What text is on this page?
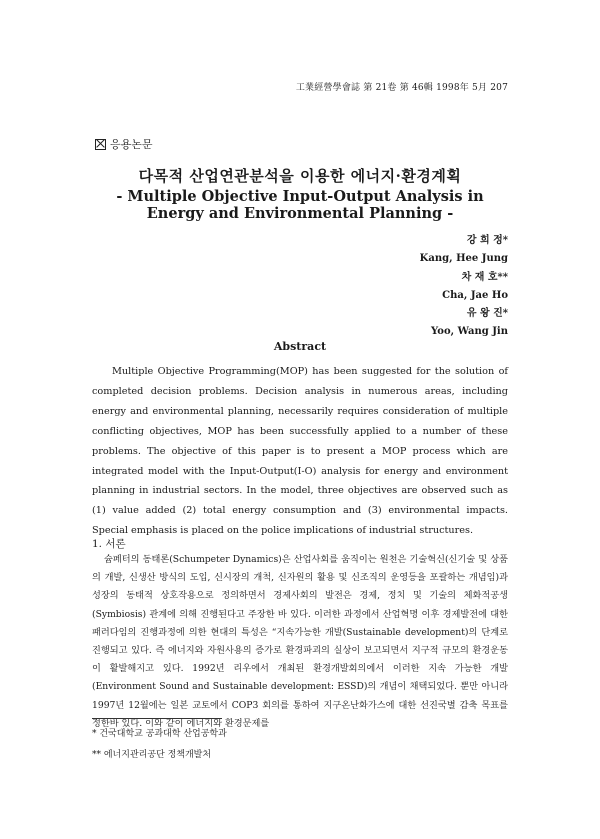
工業經營學會誌 第 21卷 第 46輯 1998年 5月 207
응용논문
다목적 산업연관분석을 이용한 에너지·환경계획
- Multiple Objective Input-Output Analysis in
Energy and Environmental Planning -
강 희 정*
Kang, Hee Jung
차 재 호**
Cha, Jae Ho
유 왕 진*
Yoo, Wang Jin
Abstract

Multiple Objective Programming(MOP) has been suggested for the solution of completed decision problems. Decision analysis in numerous areas, including energy and environmental planning, necessarily requires consideration of multiple conflicting objectives, MOP has been successfully applied to a number of these problems. The objective of this paper is to present a MOP process which are integrated model with the Input-Output(I-O) analysis for energy and environment planning in industrial sectors. In the model, three objectives are observed such as (1) value added (2) total energy consumption and (3) environmental impacts. Special emphasis is placed on the police implications of industrial structures.

1. 서론

슘페터의 동태론(Schumpeter Dynamics)은 산업사회를 움직이는 원천은 기술혁신(신기술 및 상품의 개발, 신생산 방식의 도입, 신시장의 개척, 신자원의 활용 및 신조직의 운영등을 포괄하는 개념임)과 성장의 동태적 상호작용으로 정의하면서 경제사회의 발전은 경제, 정치 및 기술의 체화적공생(Symbiosis) 관계에 의해 진행된다고 주장한 바 있다. 이러한 과정에서 산업혁명 이후 경제발전에 대한 패러다임의 진행과정에 의한 현대의 특성은 “지속가능한 개발(Sustainable development)의 단계로 진행되고 있다. 즉 에너지와 자원사용의 증가로 환경파괴의 실상이 보고되면서 지구적 규모의 환경운동이 활발해지고 있다. 1992년 리우에서 개최된 환경개발회의에서 이러한 지속 가능한 개발(Environment Sound and Sustainable development: ESSD)의 개념이 채택되었다. 뿐만 아니라 1997년 12월에는 일본 교토에서 COP3 회의를 통하여 지구온난화가스에 대한 선진국별 감축 목표를 정한바 있다. 이와 같이 에너지와 환경문제를

* 건국대학교 공과대학 산업공학과
** 에너지관리공단 정책개발처
